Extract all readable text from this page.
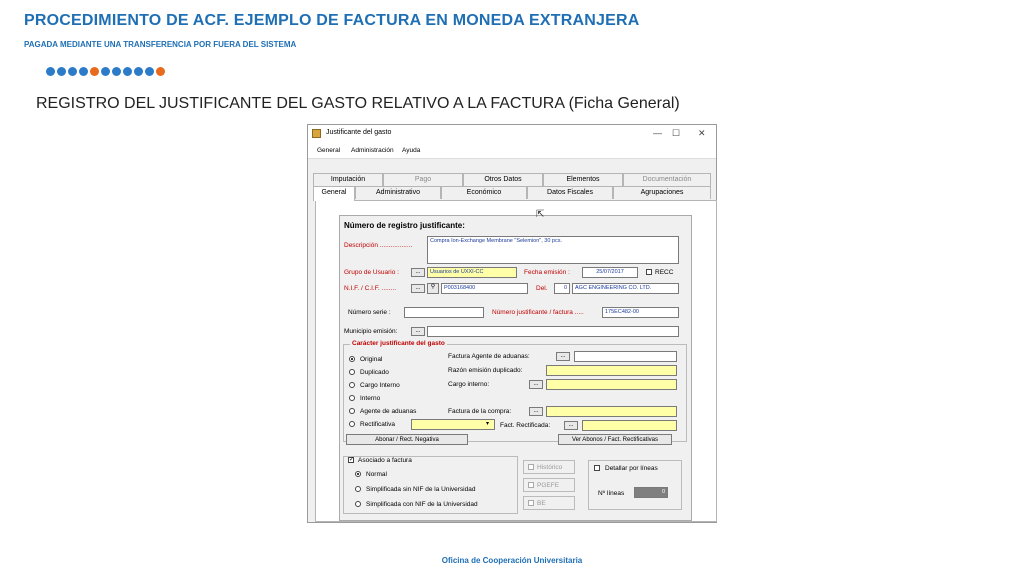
PROCEDIMIENTO DE ACF. EJEMPLO DE FACTURA EN MONEDA EXTRANJERA
PAGADA MEDIANTE UNA TRANSFERENCIA POR FUERA DEL SISTEMA
REGISTRO DEL JUSTIFICANTE DEL GASTO RELATIVO A LA FACTURA (Ficha General)
Oficina de Cooperación Universitaria
Justificante del gasto	— ☐ ✕
General Administración Ayuda
Imputación	Pago	Otros Datos	Elementos	Documentación
General	Administrativo	Económico	Datos Fiscales	Agrupaciones
Número de registro justificante:
Descripción ..................
Compra Ion-Exchange Membrane "Selemion", 30 pcs.
Grupo de Usuario :	...	Usuarios de UXXI-CC	Fecha emisión :	25/07/2017	RECC
N.I.F. / C.I.F. ........	...	⚲	P003168400	Del.	0	AGC ENGINEERING CO. LTD.
Número serie :	Número justificante / factura .....	175EC482-00
Municipio emisión:	...
Carácter justificante del gasto
Original
Duplicado
Cargo Interno
Interno
Agente de aduanas
Rectificativa	▾
Factura Agente de aduanas:	...
Razón emisión duplicado:
Cargo interno:	...
Factura de la compra:	...
Fact. Rectificada:	...
Abonar / Rect. Negativa	Ver Abonos / Fact. Rectificativas
✓ Asociado a factura
Normal
Simplificada sin NIF de la Universidad
Simplificada con NIF de la Universidad
Histórico
PGEFE
BE
Detallar por líneas
Nº líneas	0
⇱
